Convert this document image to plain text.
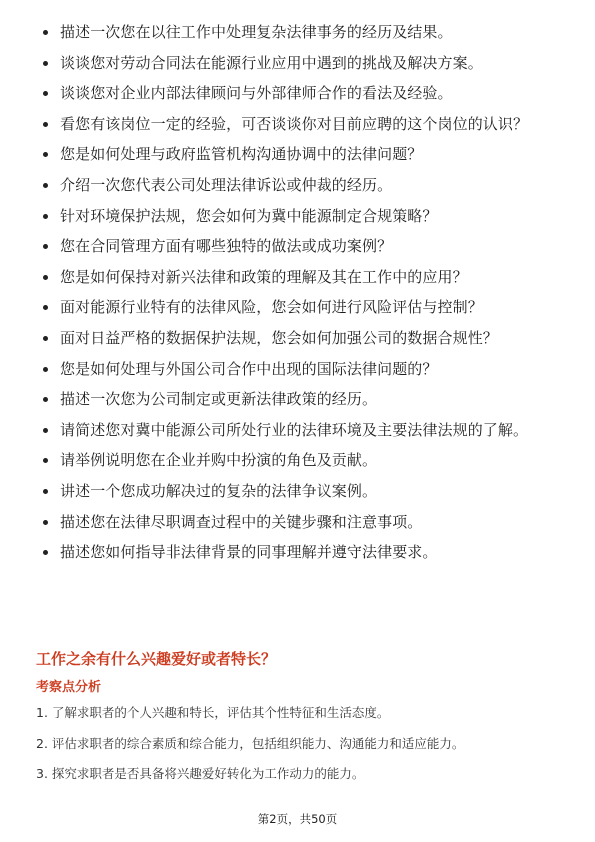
描述一次您在以往工作中处理复杂法律事务的经历及结果。
谈谈您对劳动合同法在能源行业应用中遇到的挑战及解决方案。
谈谈您对企业内部法律顾问与外部律师合作的看法及经验。
看您有该岗位一定的经验，可否谈谈你对目前应聘的这个岗位的认识？
您是如何处理与政府监管机构沟通协调中的法律问题？
介绍一次您代表公司处理法律诉讼或仲裁的经历。
针对环境保护法规，您会如何为冀中能源制定合规策略？
您在合同管理方面有哪些独特的做法或成功案例？
您是如何保持对新兴法律和政策的理解及其在工作中的应用？
面对能源行业特有的法律风险，您会如何进行风险评估与控制？
面对日益严格的数据保护法规，您会如何加强公司的数据合规性？
您是如何处理与外国公司合作中出现的国际法律问题的？
描述一次您为公司制定或更新法律政策的经历。
请简述您对冀中能源公司所处行业的法律环境及主要法律法规的了解。
请举例说明您在企业并购中扮演的角色及贡献。
讲述一个您成功解决过的复杂的法律争议案例。
描述您在法律尽职调查过程中的关键步骤和注意事项。
描述您如何指导非法律背景的同事理解并遵守法律要求。
工作之余有什么兴趣爱好或者特长？
考察点分析
1. 了解求职者的个人兴趣和特长，评估其个性特征和生活态度。
2. 评估求职者的综合素质和综合能力，包括组织能力、沟通能力和适应能力。
3. 探究求职者是否具备将兴趣爱好转化为工作动力的能力。
第2页，共50页
